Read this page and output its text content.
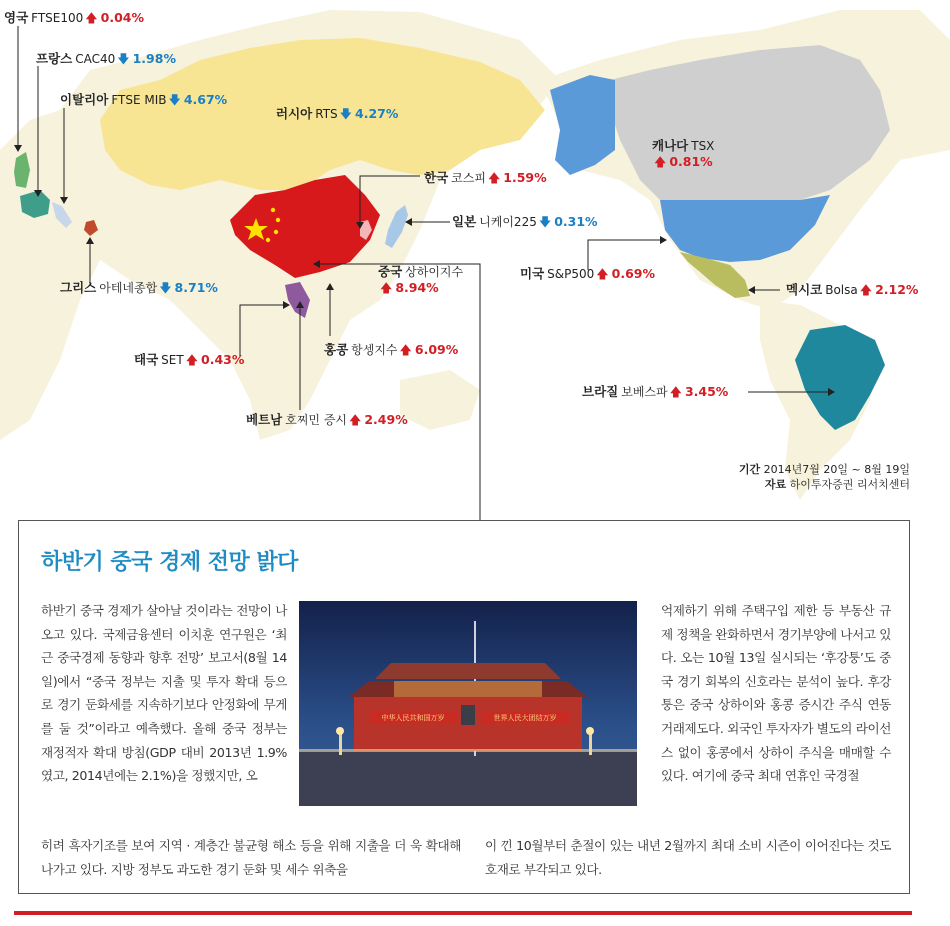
영국 FTSE100 🡅 0.04%
프랑스 CAC40 🡇 1.98%
이탈리아 FTSE MIB 🡇 4.67%
러시아 RTS 🡇 4.27%
한국 코스피 🡅 1.59%
일본 니케이225 🡇 0.31%
중국 상하이지수
🡅 8.94%
그리스 아테네종합 🡇 8.71%
태국 SET 🡅 0.43%
홍콩 항셍지수 🡅 6.09%
베트남 호찌민 증시 🡅 2.49%
캐나다 TSX
🡅 0.81%
미국 S&P500 🡅 0.69%
멕시코 Bolsa 🡅 2.12%
브라질 보베스파 🡅 3.45%
기간 2014년7월 20일 ~ 8월 19일
자료 하이투자증권 리서치센터
하반기 중국 경제 전망 밝다
하반기 중국 경제가 살아날 것이라는 전망이 나오고 있다. 국제금융센터 이치훈 연구원은 ‘최근 중국경제 동향과 향후 전망’ 보고서(8월 14일)에서 “중국 정부는 지출 및 투자 확대 등으로 경기 둔화세를 지속하기보다 안정화에 무게를 둘 것”이라고 예측했다. 올해 중국 정부는 재정적자 확대 방침(GDP 대비 2013년 1.9%였고, 2014년에는 2.1%)을 정했지만, 오
中华人民共和国万岁	世界人民大团结万岁
억제하기 위해 주택구입 제한 등 부동산 규제 정책을 완화하면서 경기부양에 나서고 있다. 오는 10월 13일 실시되는 ‘후강퉁’도 중국 경기 회복의 신호라는 분석이 높다. 후강퉁은 중국 상하이와 홍콩 증시간 주식 연동 거래제도다. 외국인 투자자가 별도의 라이선스 없이 홍콩에서 상하이 주식을 매매할 수 있다. 여기에 중국 최대 연휴인 국경절
히려 흑자기조를 보여 지역 · 계층간 불균형 해소 등을 위해 지출을 더 욱 확대해나가고 있다. 지방 정부도 과도한 경기 둔화 및 세수 위축을
이 낀 10월부터 춘절이 있는 내년 2월까지 최대 소비 시즌이 이어진다는 것도 호재로 부각되고 있다.
